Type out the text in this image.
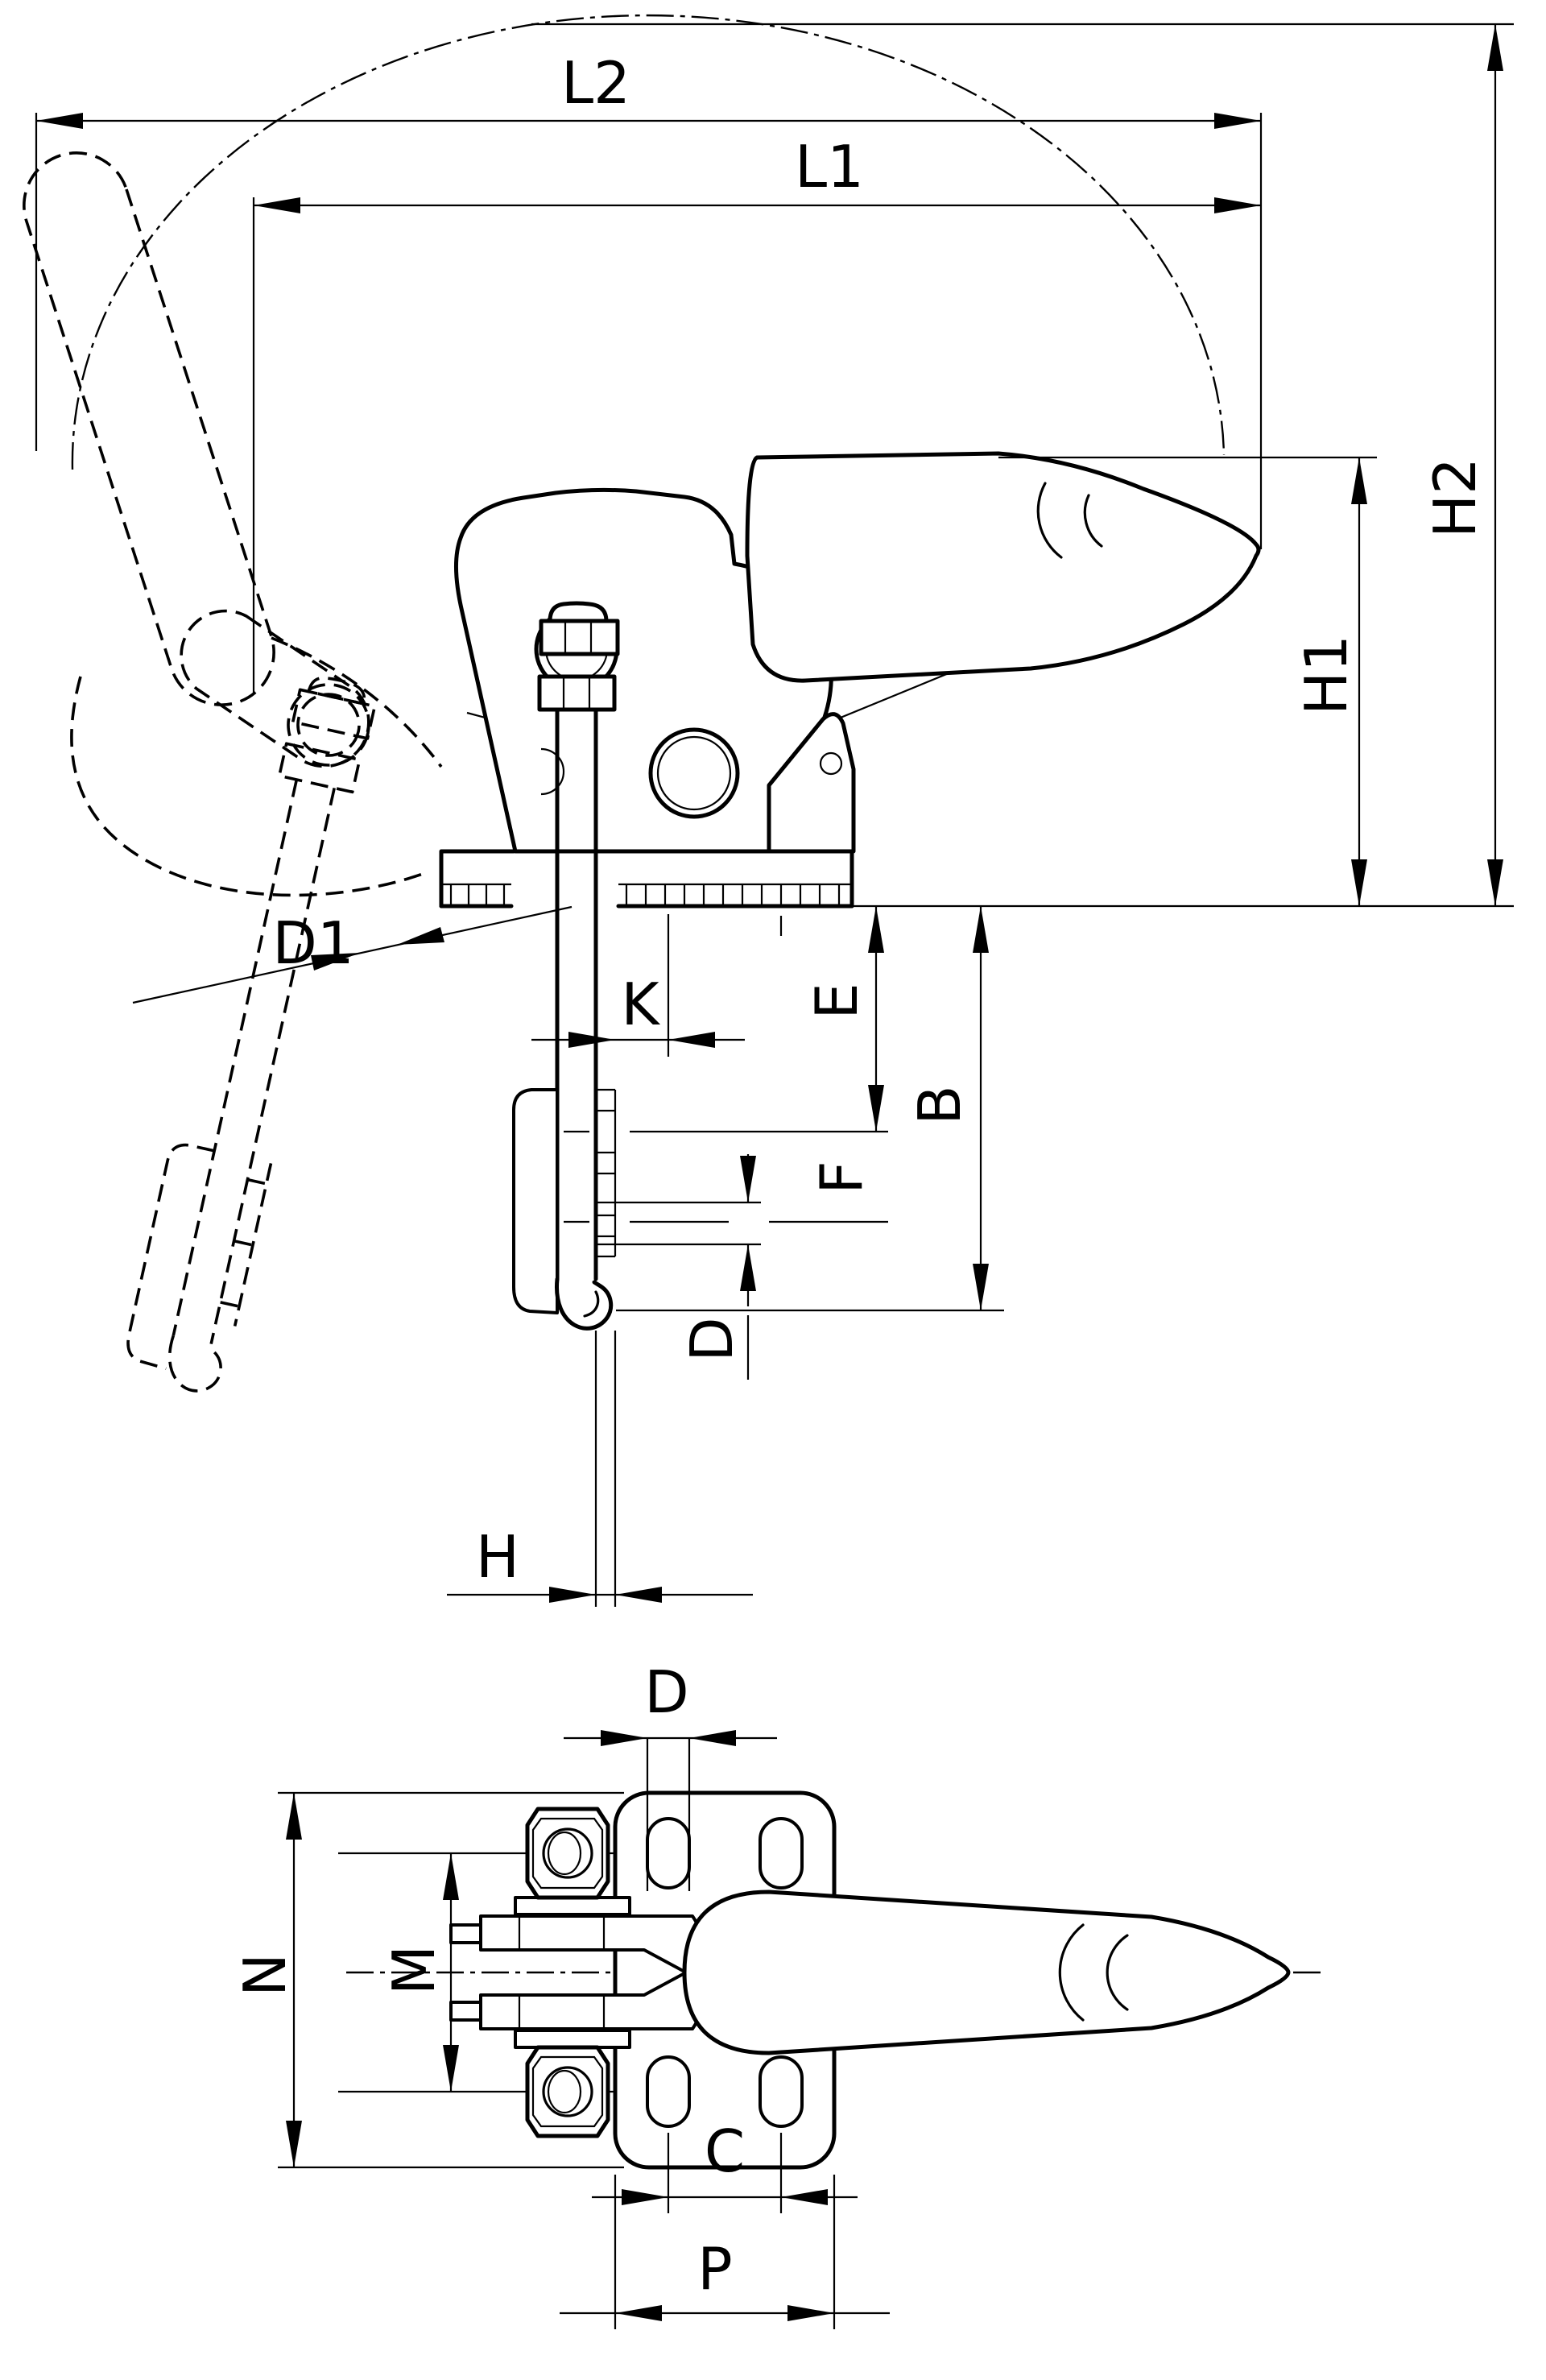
L2
L1
D1
K
H
H2
H1
E
B
F
D
D
N M
C
P
